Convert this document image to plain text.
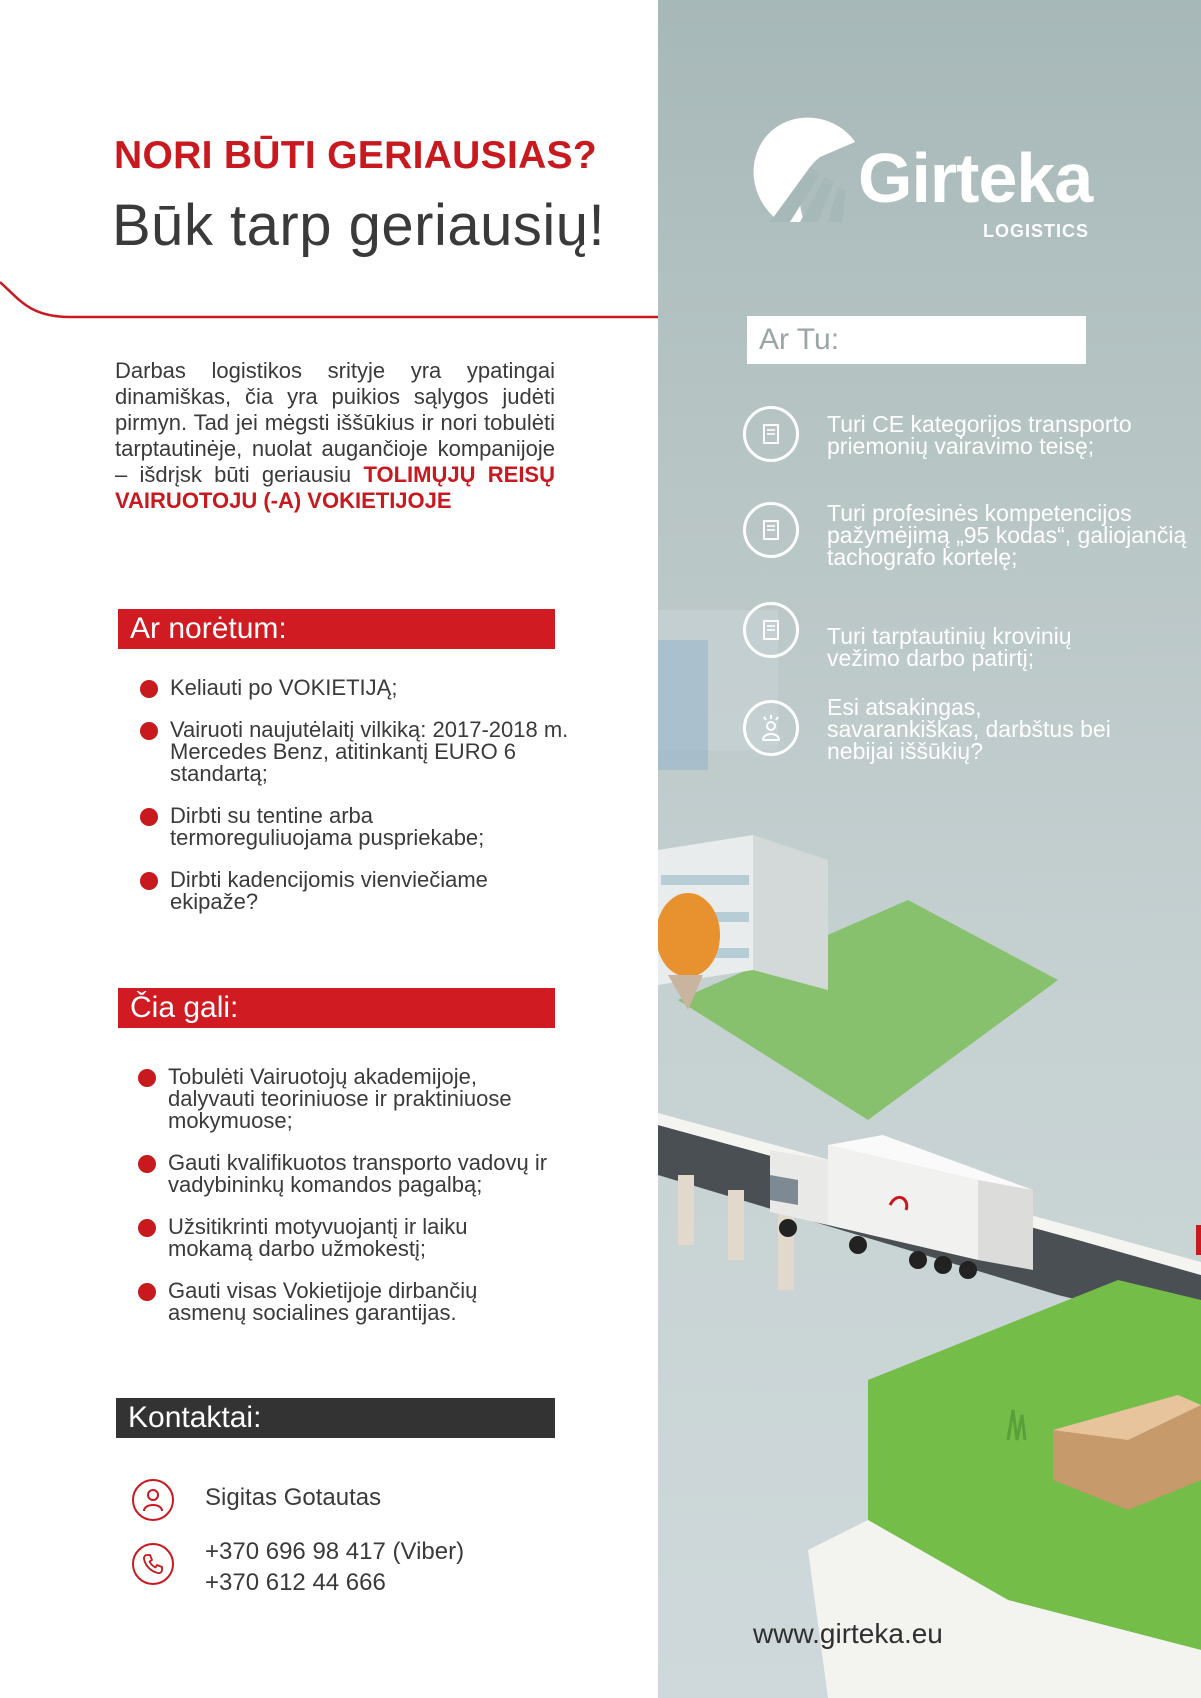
NORI BŪTI GERIAUSIAS?
Būk tarp geriausių!

Darbas logistikos srityje yra ypatingai dinamiškas, čia yra puikios sąlygos judėti pirmyn. Tad jei mėgsti iššūkius ir nori tobulėti tarptautinėje, nuolat augančioje kompanijoje – išdrįsk būti geriausiu TOLIMŲJŲ REISŲ VAIRUOTOJU (-A) VOKIETIJOJE

Ar norėtum:
Keliauti po VOKIETIJĄ;
Vairuoti naujutėlaitį vilkiką: 2017-2018 m. Mercedes Benz, atitinkantį EURO 6 standartą;
Dirbti su tentine arba termoreguliuojama puspriekabe;
Dirbti kadencijomis vienviečiame ekipaže?
Čia gali:
Tobulėti Vairuotojų akademijoje, dalyvauti teoriniuose ir praktiniuose mokymuose;
Gauti kvalifikuotos transporto vadovų ir vadybininkų komandos pagalbą;
Užsitikrinti motyvuojantį ir laiku mokamą darbo užmokestį;
Gauti visas Vokietijoje dirbančių asmenų socialines garantijas.
Kontaktai:
Sigitas Gotautas
+370 696 98 417 (Viber)
+370 612 44 666
Girteka
LOGISTICS
Ar Tu:
Turi CE kategorijos transporto priemonių vairavimo teisę;
Turi profesinės kompetencijos pažymėjimą „95 kodas“, galiojančią tachografo kortelę;
Turi tarptautinių krovinių vežimo darbo patirtį;
Esi atsakingas, savarankiškas, darbštus bei nebijai iššūkių?
www.girteka.eu
